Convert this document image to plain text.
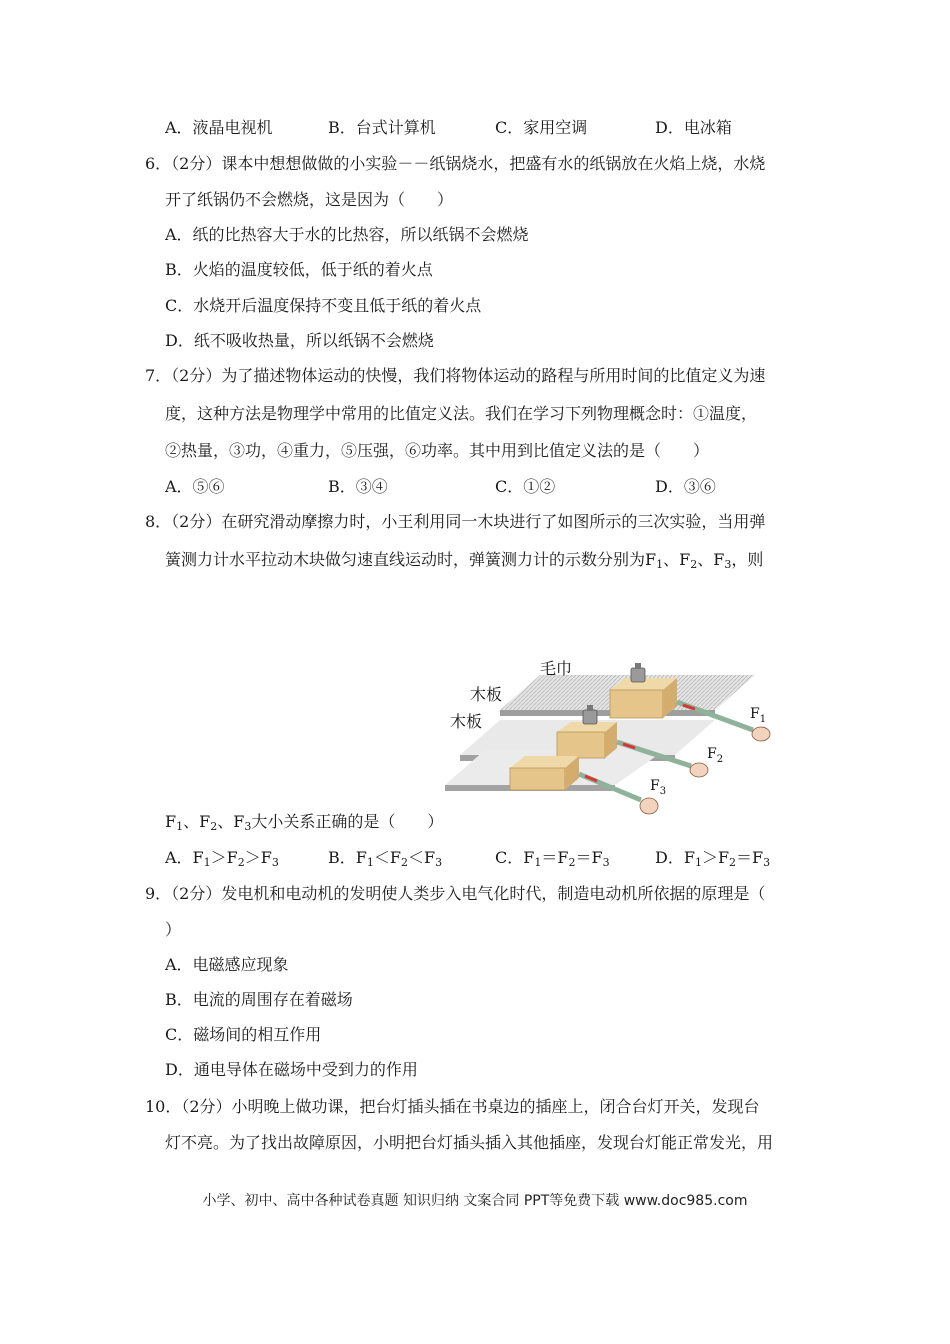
A．液晶电视机	B．台式计算机	C．家用空调	D．电冰箱
6．（2分）课本中想想做做的小实验－－纸锅烧水，把盛有水的纸锅放在火焰上烧，水烧
开了纸锅仍不会燃烧，这是因为（　　）
A．纸的比热容大于水的比热容，所以纸锅不会燃烧
B．火焰的温度较低，低于纸的着火点
C．水烧开后温度保持不变且低于纸的着火点
D．纸不吸收热量，所以纸锅不会燃烧
7．（2分）为了描述物体运动的快慢，我们将物体运动的路程与所用时间的比值定义为速
度，这种方法是物理学中常用的比值定义法。我们在学习下列物理概念时：①温度，
②热量，③功，④重力，⑤压强，⑥功率。其中用到比值定义法的是（　　）
A．⑤⑥	B．③④	C．①②	D．③⑥
8．（2分）在研究滑动摩擦力时，小王利用同一木块进行了如图所示的三次实验，当用弹
簧测力计水平拉动木块做匀速直线运动时，弹簧测力计的示数分别为$F_1$、$F_2$、$F_3$，则
毛巾
木板
木板	$F_1$
$F_2$
$F_3$
$F_1$、$F_2$、$F_3$大小关系正确的是（　　）
A．$F_1>F_2>F_3$	B．$F_1<F_2<F_3$	C．$F_1=F_2=F_3$	D．$F_1>F_2=F_3$
9．（2分）发电机和电动机的发明使人类步入电气化时代，制造电动机所依据的原理是（
）
A．电磁感应现象
B．电流的周围存在着磁场
C．磁场间的相互作用
D．通电导体在磁场中受到力的作用
10．（2分）小明晚上做功课，把台灯插头插在书桌边的插座上，闭合台灯开关，发现台
灯不亮。为了找出故障原因，小明把台灯插头插入其他插座，发现台灯能正常发光，用
小学、初中、高中各种试卷真题 知识归纳 文案合同 PPT等免费下载 www.doc985.com
